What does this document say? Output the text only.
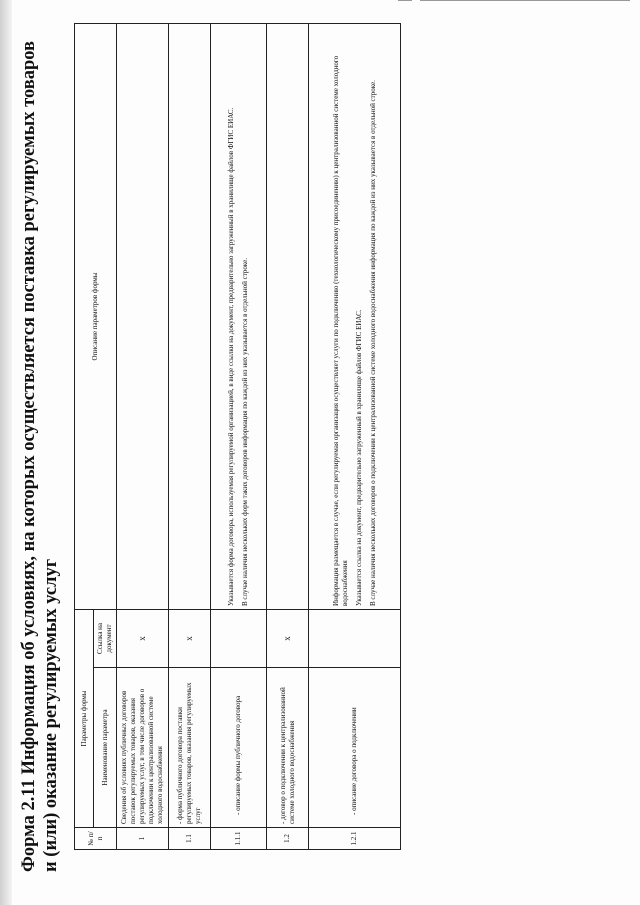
Форма 2.11 Информация об условиях, на которых осуществляется поставка регулируемых товаров и (или) оказание регулируемых услуг	№ п/п	Параметры формы		Описание параметров формы
	Наименование параметра	Ссылка на документ	
1	Сведения об условиях публичных договоров поставок регулируемых товаров, оказания регулируемых услуг, в том числе договоров о подключении к централизованной системе холодного водоснабжения	x	
1.1	- форма публичного договора поставки регулируемых товаров, оказания регулируемых услуг	x	
1.1.1	- описание формы публичного договора		Указывается форма договора, используемая регулируемой организацией, в виде ссылки на документ, предварительно загруженный в хранилище файлов ФГИС ЕИАС. В случае наличия нескольких форм таких договоров информация по каждой из них указывается в отдельной строке.

1.2	- договор о подключении к централизованной системе холодного водоснабжения	x	
1.2.1	- описание договора о подключении		Информация размещается в случае, если регулируемая организация осуществляет услуги по подключению (технологическому присоединению) к централизованной системе холодного водоснабжения Указывается ссылка на документ, предварительно загруженный в хранилище файлов ФГИС ЕИАС. В случае наличия нескольких договоров о подключении к централизованной системе холодного водоснабжения информация по каждой из них указывается в отдельной строке.
